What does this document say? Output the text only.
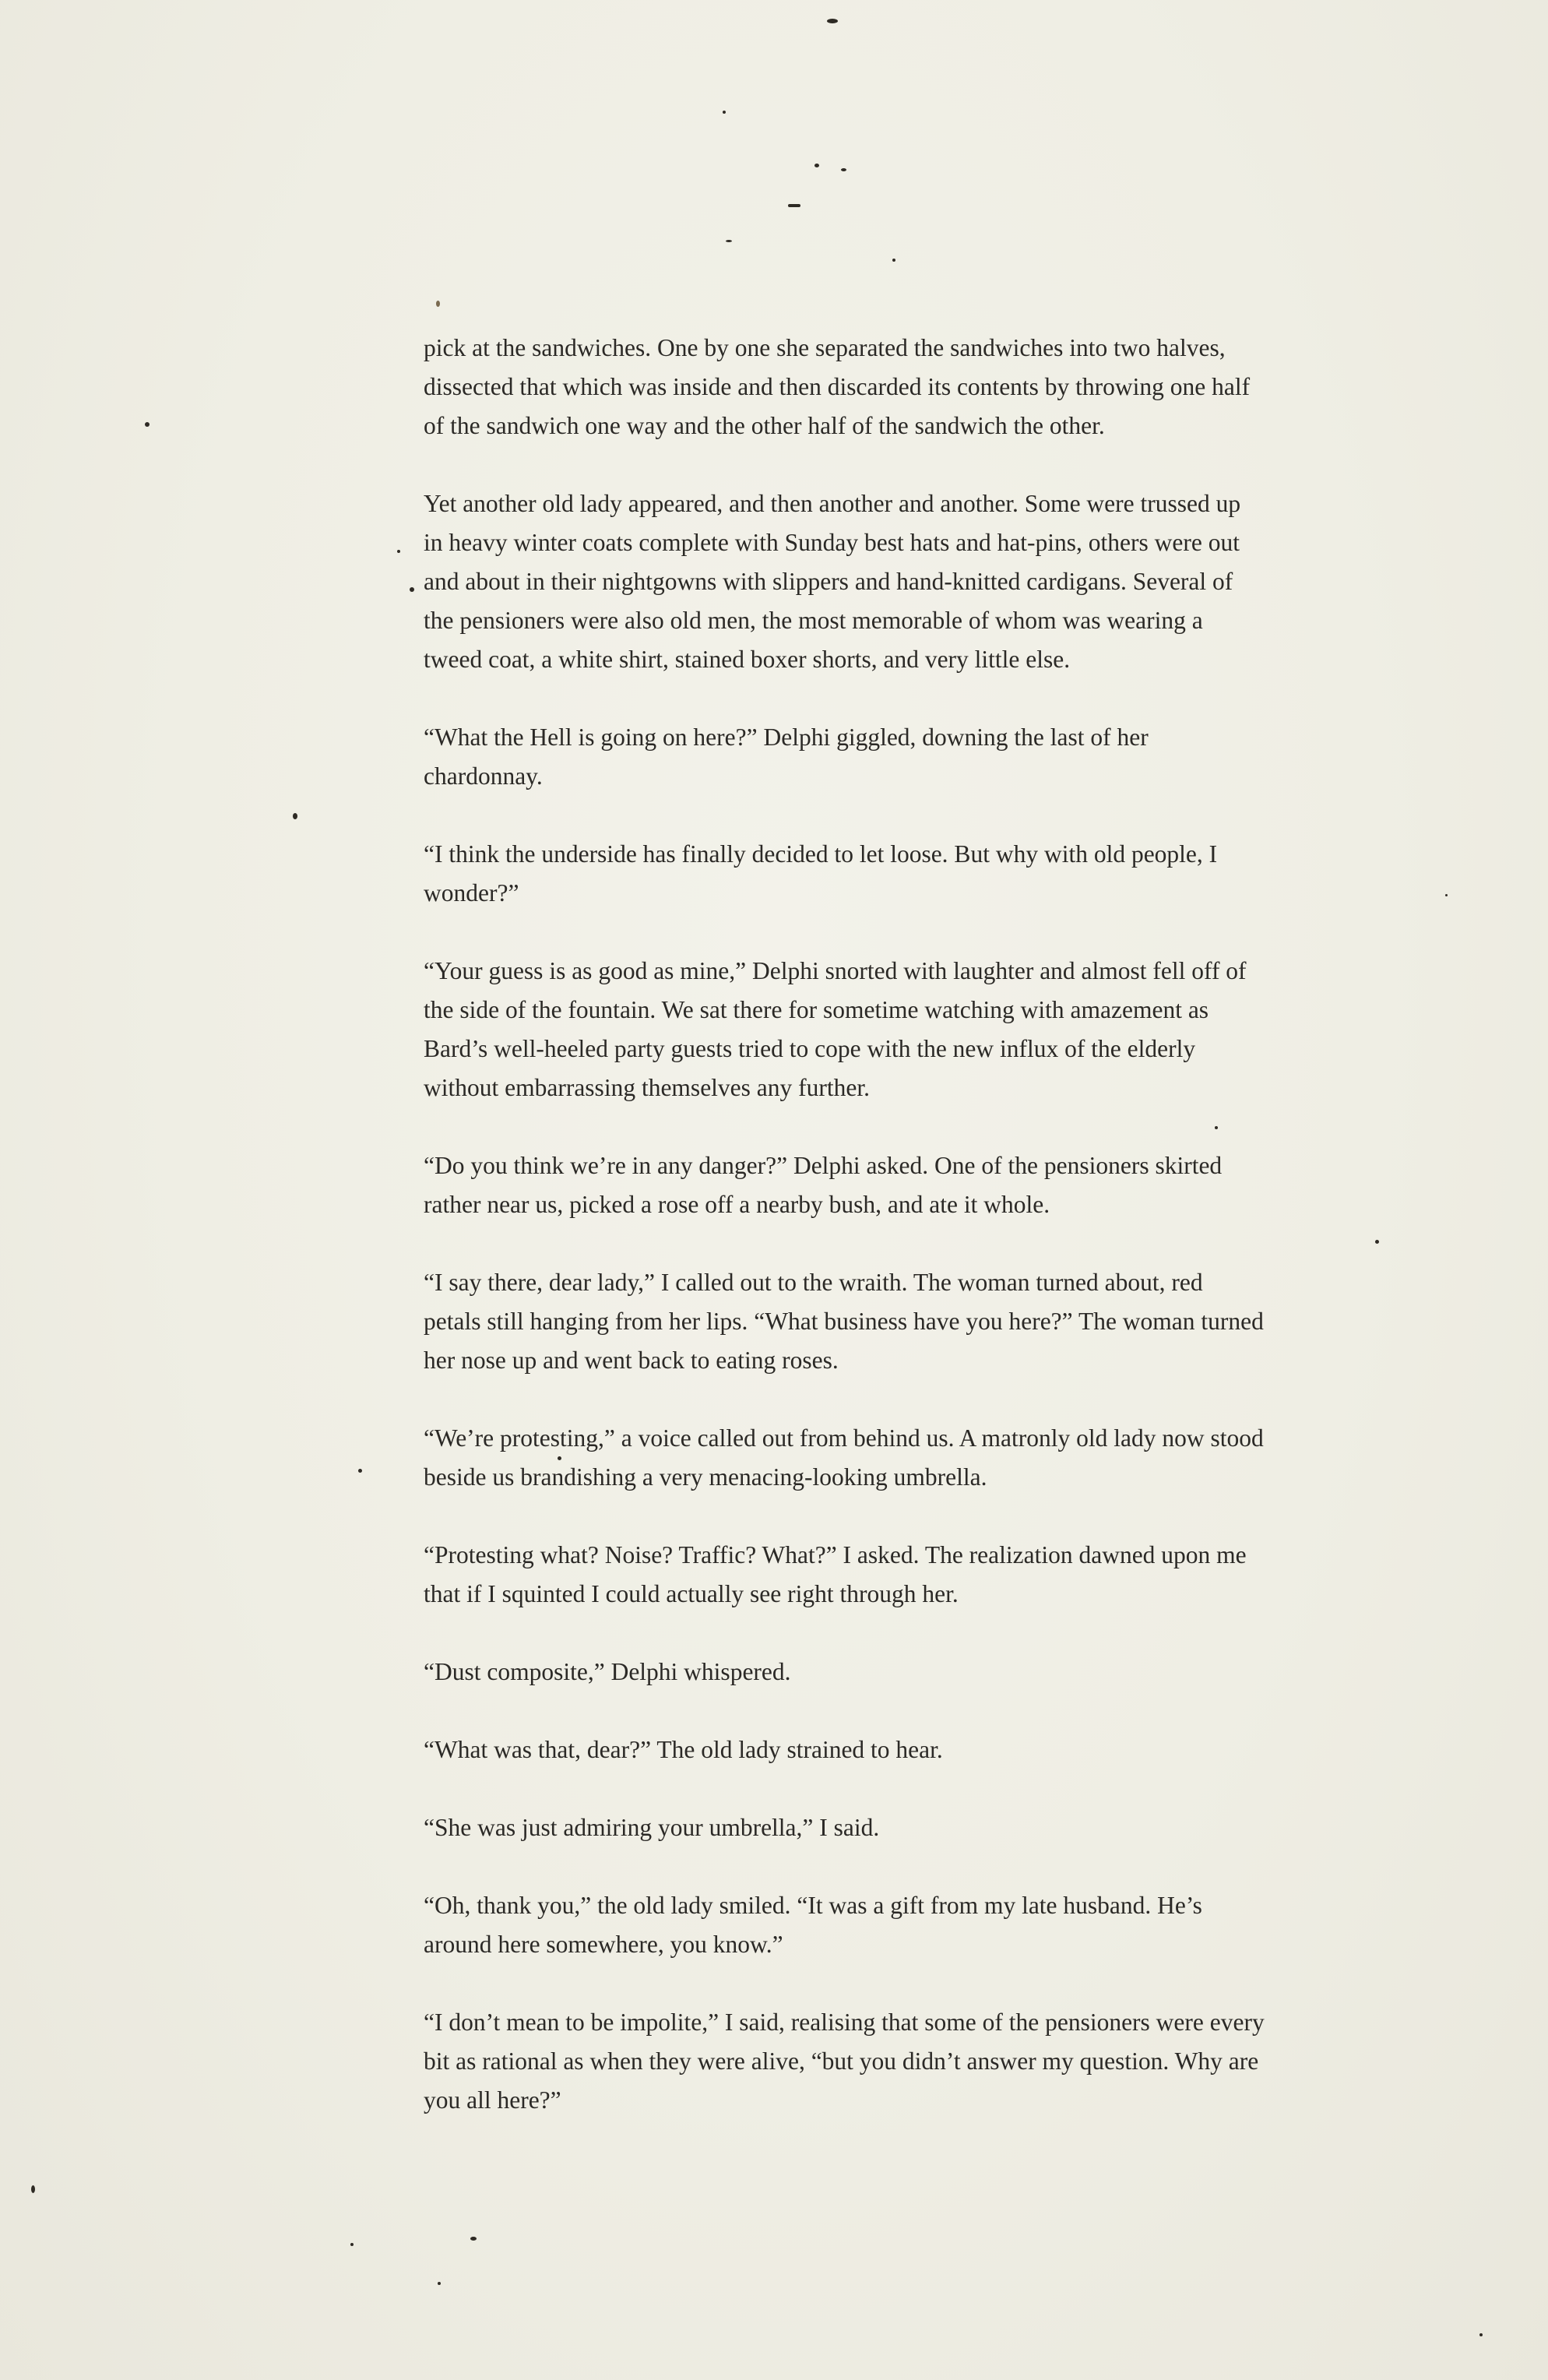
pick at the sandwiches. One by one she separated the sandwiches into two halves, dissected that which was inside and then discarded its contents by throwing one half of the sandwich one way and the other half of the sandwich the other.

Yet another old lady appeared, and then another and another. Some were trussed up in heavy winter coats complete with Sunday best hats and hat-pins, others were out and about in their nightgowns with slippers and hand-knitted cardigans. Several of the pensioners were also old men, the most memorable of whom was wearing a tweed coat, a white shirt, stained boxer shorts, and very little else.

“What the Hell is going on here?” Delphi giggled, downing the last of her chardonnay.

“I think the underside has finally decided to let loose. But why with old people, I wonder?”

“Your guess is as good as mine,” Delphi snorted with laughter and almost fell off of the side of the fountain. We sat there for sometime watching with amazement as Bard’s well-heeled party guests tried to cope with the new influx of the elderly without embarrassing themselves any further.

“Do you think we’re in any danger?” Delphi asked. One of the pensioners skirted rather near us, picked a rose off a nearby bush, and ate it whole.

“I say there, dear lady,” I called out to the wraith. The woman turned about, red petals still hanging from her lips. “What business have you here?” The woman turned her nose up and went back to eating roses.

“We’re protesting,” a voice called out from behind us. A matronly old lady now stood beside us brandishing a very menacing-looking umbrella.

“Protesting what? Noise? Traffic? What?” I asked. The realization dawned upon me that if I squinted I could actually see right through her.

“Dust composite,” Delphi whispered.

“What was that, dear?” The old lady strained to hear.

“She was just admiring your umbrella,” I said.

“Oh, thank you,” the old lady smiled. “It was a gift from my late husband. He’s around here somewhere, you know.”

“I don’t mean to be impolite,” I said, realising that some of the pensioners were every bit as rational as when they were alive, “but you didn’t answer my question. Why are you all here?”
